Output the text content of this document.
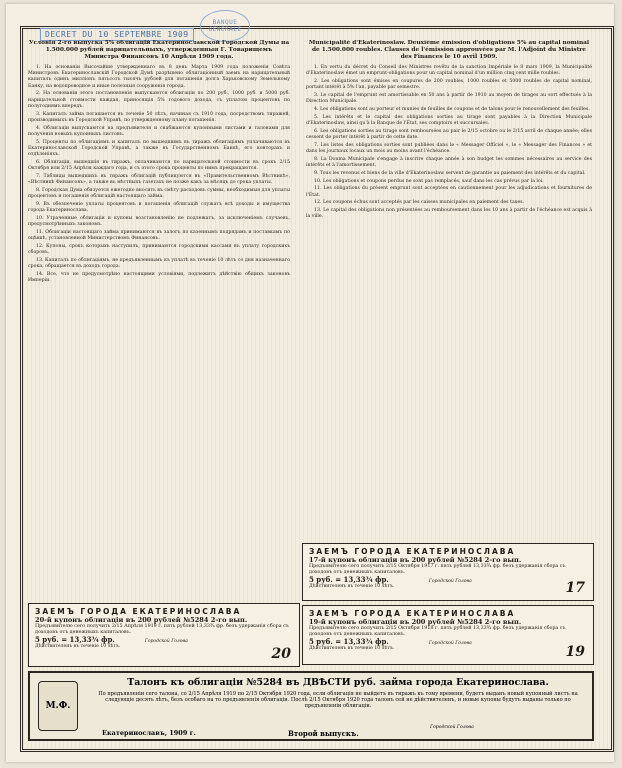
BANQUE GÉNÉRALE
DECRET DU 10 SEPTEMBRE 1909
Условія 2-го выпуска 5% облигацій Екатеринославской Городской Думы на 1.500.000 рублей нарицательныхъ, утвержденныя Г. Товарищемъ Министра Финансовъ 10 Апрѣля 1909 года.

1. На основаніи Высочайше утвержденнаго въ 8 день Марта 1909 года положенія Совѣта Министровъ Екатеринославскій Городской Думѣ разрѣшено облигаціонный заемъ на нарицательный капиталъ одинъ милліонъ пятьсотъ тысячъ рублей для погашенія долга Харьковскому Земельному Банку, на водопроводное и иные полезныя сооруженія города.

2. На основаніи этого постановленія выпускаются облигаціи по 200 руб., 1000 руб. и 5000 руб. нарицательной стоимости каждая, приносящія 5% годового дохода, съ уплатою процентовъ по полугодиямъ впередъ.

3. Капиталъ займа погашается въ теченіе 50 лѣтъ, начиная съ 1910 года, посредствомъ тиражей, производимыхъ въ Городской Управѣ, по утвержденному плану погашенія.

4. Облигаціи выпускаются на предъявителя и снабжаются купонными листами и талонами для полученія новыхъ купонныхъ листовъ.

5. Проценты по облигаціямъ и капиталъ по вышедшимъ въ тиражъ облигаціямъ уплачиваются въ Екатеринославской Городской Управѣ, а также въ Государственномъ Банкѣ, его конторахъ и отдѣленіяхъ.

6. Облигаціи, вышедшія въ тиражъ, оплачиваются по нарицательной стоимости въ срокъ 2/15 Октября или 2/15 Апрѣля каждаго года, и съ этого срока проценты по нимъ прекращаются.

7. Таблицы вышедшихъ въ тиражъ облигацій публикуются въ «Правительственномъ Вѣстникѣ», «Вѣстникѣ Финансовъ», а также въ мѣстныхъ газетахъ не позже какъ за мѣсяцъ до срока уплаты.

8. Городская Дума обязуется ежегодно вносить въ смѣту расходовъ суммы, необходимыя для уплаты процентовъ и погашенія облигацій настоящаго займа.

9. Въ обезпеченіе уплаты процентовъ и погашенія облигацій служатъ всѣ доходы и имущества города Екатеринослава.

10. Утраченные облигаціи и купоны возстановленію не подлежатъ, за исключеніемъ случаевъ, предусмотрѣнныхъ закономъ.

11. Облигаціи настоящаго займа принимаются въ залогъ по казеннымъ подрядамъ и поставкамъ по оцѣнкѣ, установленной Министерствомъ Финансовъ.

12. Купоны, срокъ которыхъ наступилъ, принимаются городскими кассами въ уплату городскихъ сборовъ.

13. Капиталъ по облигаціямъ, не предъявленнымъ къ уплатѣ въ теченіе 10 лѣтъ со дня назначеннаго срока, обращается въ доходъ города.

14. Все, что не предусмотрѣно настоящими условіями, подлежитъ дѣйствію общихъ законовъ Имперіи.

Municipalité d'Ekaterinoslaw. Deuxième émission d'obligations 5% au capital nominal de 1.500.000 roubles. Clauses de l'émission approuvées par M. l'Adjoint du Ministre des Finances le 10 avril 1909.

1. En vertu du décret du Conseil des Ministres revêtu de la sanction Impériale le 8 mars 1909, la Municipalité d'Ekaterinoslaw émet un emprunt-obligations pour un capital nominal d'un million cinq cent mille roubles.

2. Les obligations sont émises en coupures de 200 roubles, 1000 roubles et 5000 roubles de capital nominal, portant intérêt à 5% l'an, payable par semestre.

3. Le capital de l'emprunt est amortissable en 50 ans à partir de 1910 au moyen de tirages au sort effectués à la Direction Municipale.

4. Les obligations sont au porteur et munies de feuilles de coupons et de talons pour le renouvellement des feuilles.

5. Les intérêts et le capital des obligations sorties au tirage sont payables à la Direction Municipale d'Ekaterinoslaw, ainsi qu'à la Banque de l'État, ses comptoirs et succursales.

6. Les obligations sorties au tirage sont remboursées au pair le 2/15 octobre ou le 2/15 avril de chaque année; elles cessent de porter intérêt à partir de cette date.

7. Les listes des obligations sorties sont publiées dans le « Messager Officiel », le « Messager des Finances » et dans les journaux locaux un mois au moins avant l'échéance.

8. La Douma Municipale s'engage à inscrire chaque année à son budget les sommes nécessaires au service des intérêts et à l'amortissement.

9. Tous les revenus et biens de la ville d'Ekaterinoslaw servent de garantie au paiement des intérêts et du capital.

10. Les obligations et coupons perdus ne sont pas remplacés, sauf dans les cas prévus par la loi.

11. Les obligations du présent emprunt sont acceptées en cautionnement pour les adjudications et fournitures de l'État.

12. Les coupons échus sont acceptés par les caisses municipales en paiement des taxes.

13. Le capital des obligations non présentées au remboursement dans les 10 ans à partir de l'échéance est acquis à la ville.

ЗАЕМЪ ГОРОДА ЕКАТЕРИНОСЛАВА
17-й купонъ облигаціи въ 200 рублей №5284 2-го вып.
Предъявителю сего получить 2/15 Октября 1917 г. пять рублей 13,33¾ фр. безъ удержанія сбора съ доходовъ отъ денежныхъ капиталовъ.
5 руб. = 13,33¾ фр.	Городской Голова
Дѣйствителенъ въ теченіе 10 лѣтъ.	17
ЗАЕМЪ ГОРОДА ЕКАТЕРИНОСЛАВА
19-й купонъ облигаціи въ 200 рублей №5284 2-го вып.
Предъявителю сего получить 2/15 Октября 1918 г. пять рублей 13,33¾ фр. безъ удержанія сбора съ доходовъ отъ денежныхъ капиталовъ.
5 руб. = 13,33¾ фр.	Городской Голова
Дѣйствителенъ въ теченіе 10 лѣтъ.	19
ЗАЕМЪ ГОРОДА ЕКАТЕРИНОСЛАВА
20-й купонъ облигаціи въ 200 рублей №5284 2-го вып.
Предъявителю сего получить 2/15 Апрѣля 1919 г. пять рублей 13,33¾ фр. безъ удержанія сбора съ доходовъ отъ денежныхъ капиталовъ.
5 руб. = 13,33¾ фр.	Городской Голова
Дѣйствителенъ въ теченіе 10 лѣтъ.	20
М.Ф.
Талонъ къ облигаціи №5284 въ ДВѢСТИ руб. займа города Екатеринослава.
По предъявленіи сего талона, со 2/15 Апрѣля 1919 по 2/15 Октября 1920 года, если облигація не выйдетъ въ тиражъ къ тому времени, будетъ выданъ новый купонный листъ на следующіе десять лѣтъ, безъ особаго на то предъявленія облигаціи. Послѣ 2/15 Октября 1920 года талонъ сей не дѣйствителенъ, и новые купоны будутъ выданы только по предъявленіи облигаціи.
Екатеринославъ, 1909 г.	Второй выпускъ.
Городской Голова
